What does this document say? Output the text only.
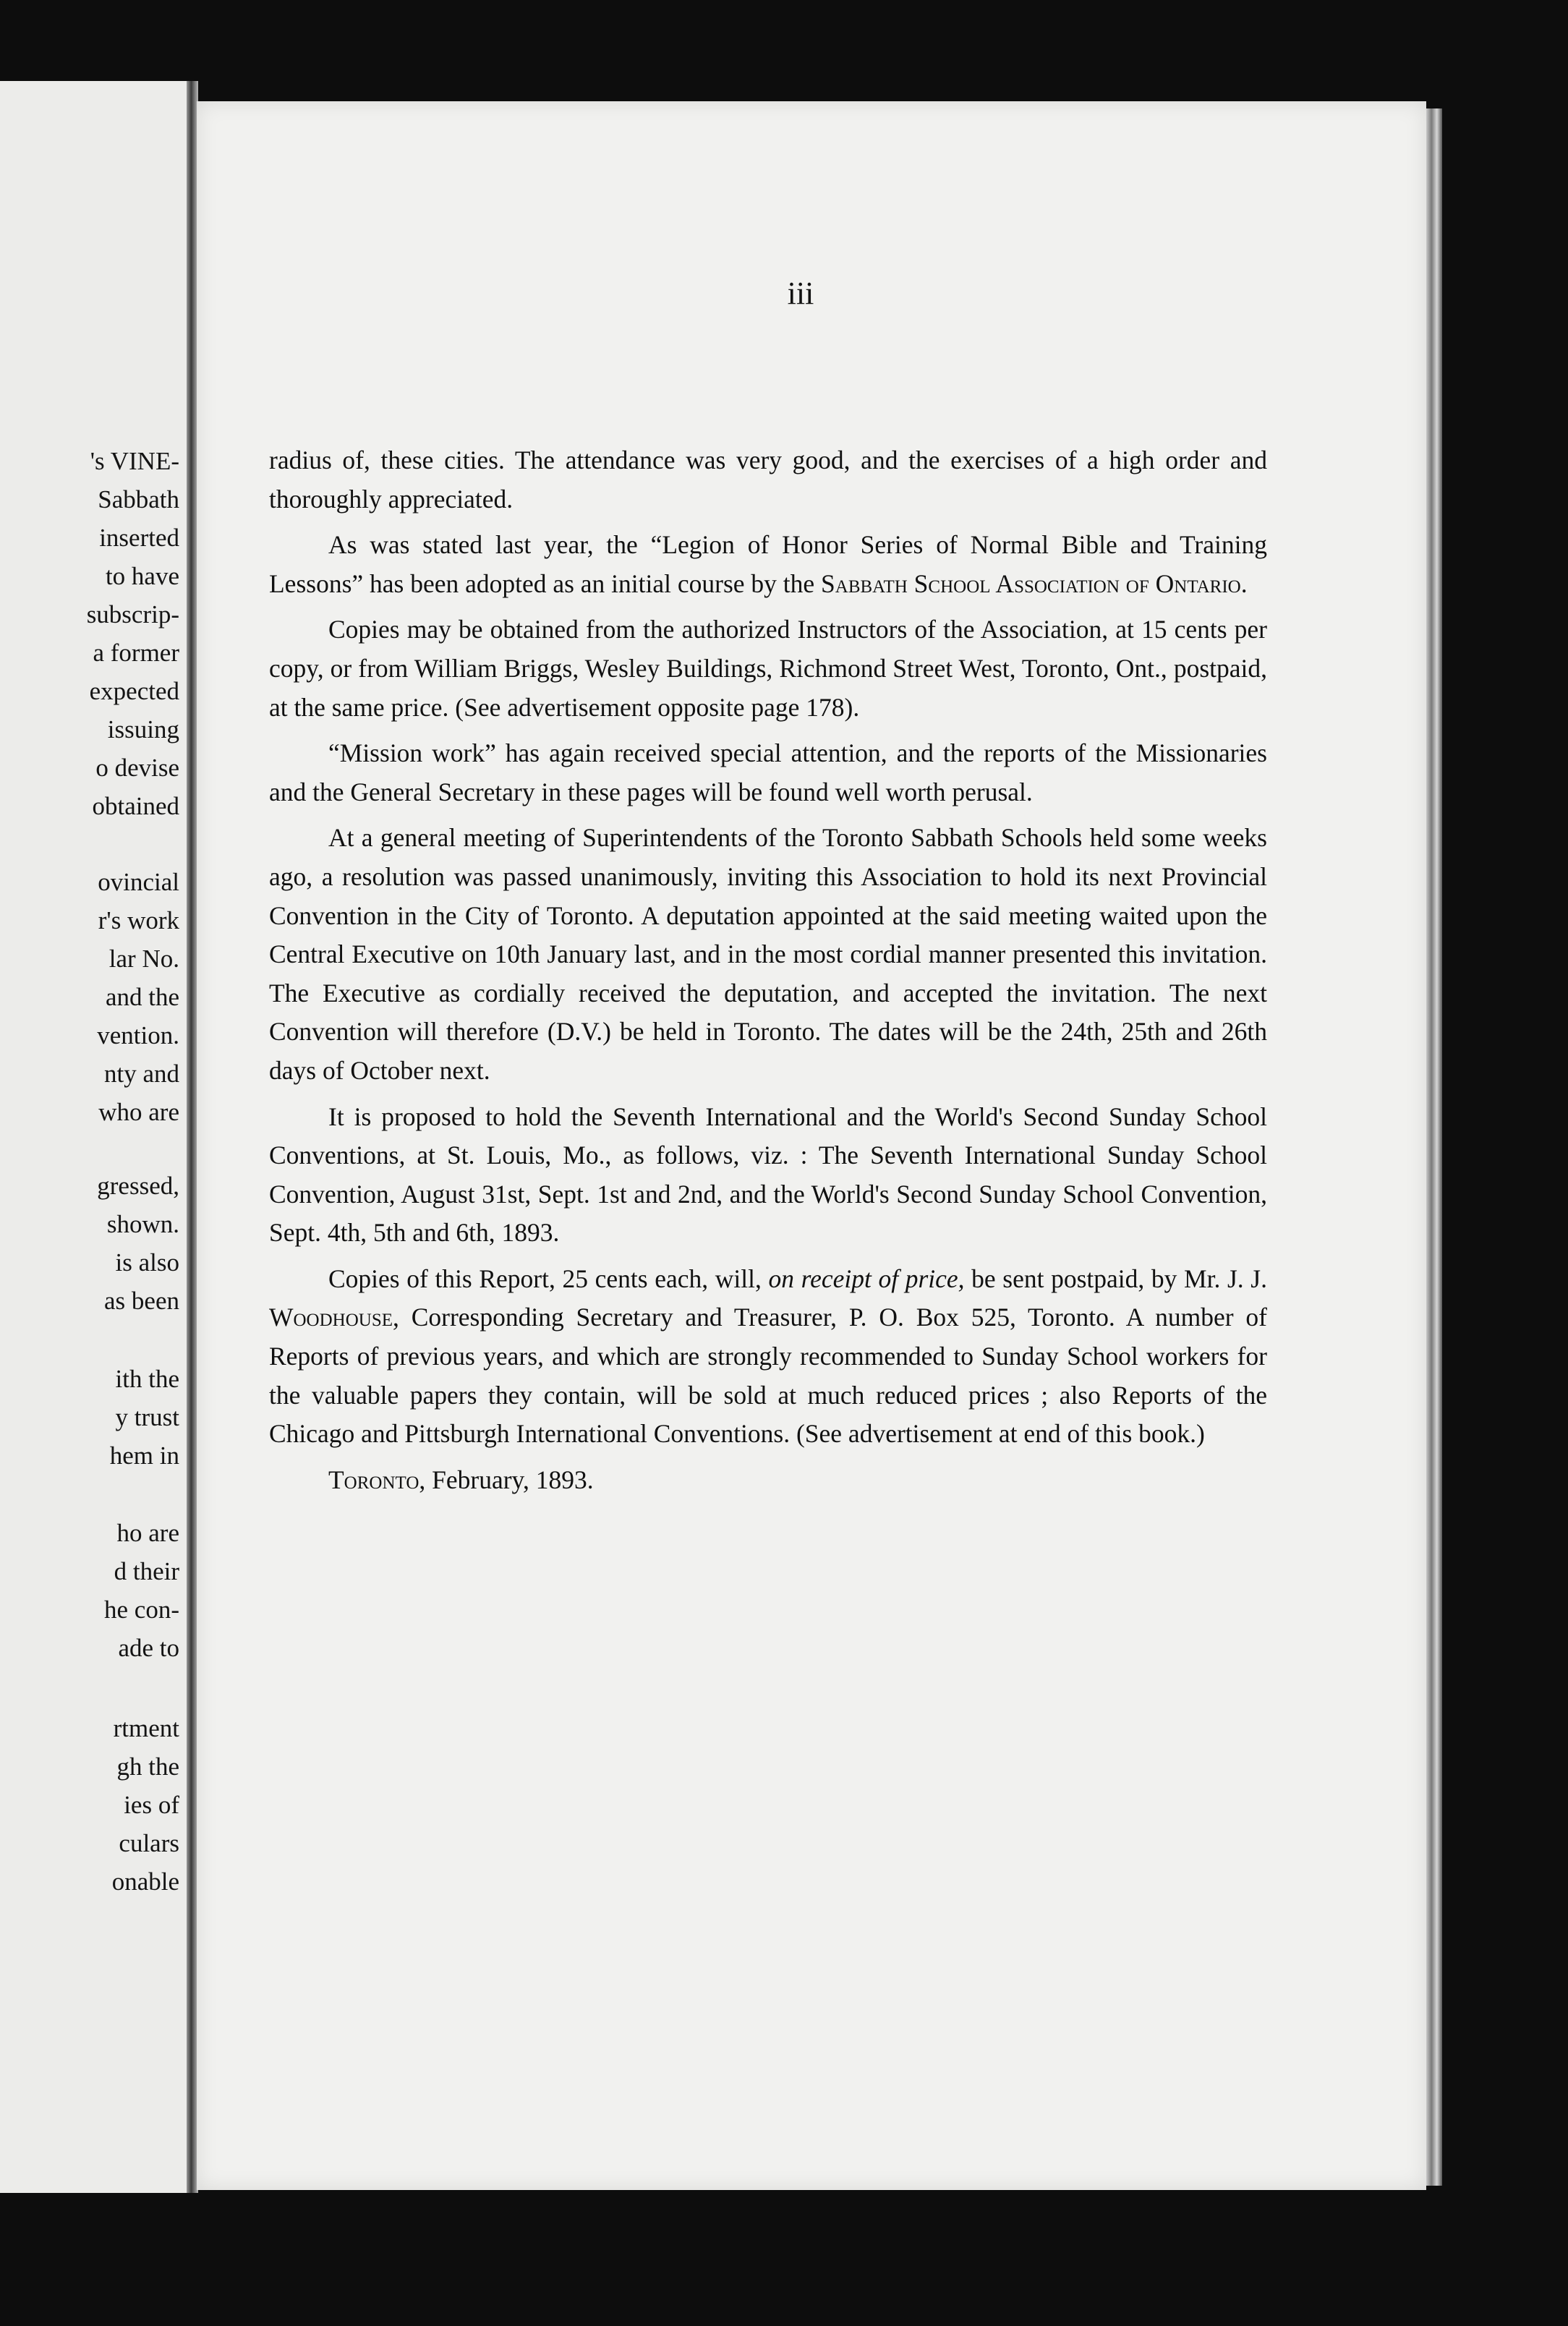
's VINE-
Sabbath
inserted
to have
subscrip-
a former
expected
issuing
o devise
obtained
ovincial
r's work
lar No.
and the
vention.
nty and
who are
gressed,
shown.
is also
as been
ith the
y trust
hem in
ho are
d their
he con-
ade to
rtment
gh the
ies of
culars
onable
iii

radius of, these cities. The attendance was very good, and the exercises of a high order and thoroughly appreciated.

As was stated last year, the “Legion of Honor Series of Normal Bible and Training Lessons” has been adopted as an initial course by the Sabbath School Association of Ontario.

Copies may be obtained from the authorized Instructors of the Association, at 15 cents per copy, or from William Briggs, Wesley Buildings, Richmond Street West, Toronto, Ont., postpaid, at the same price. (See advertisement opposite page 178).

“Mission work” has again received special attention, and the reports of the Missionaries and the General Secretary in these pages will be found well worth perusal.

At a general meeting of Superintendents of the Toronto Sabbath Schools held some weeks ago, a resolution was passed unanimously, inviting this Association to hold its next Provincial Convention in the City of Toronto. A deputation appointed at the said meeting waited upon the Central Executive on 10th January last, and in the most cordial manner presented this invitation. The Executive as cordially received the deputation, and accepted the invitation. The next Convention will therefore (D.V.) be held in Toronto. The dates will be the 24th, 25th and 26th days of October next.

It is proposed to hold the Seventh International and the World's Second Sunday School Conventions, at St. Louis, Mo., as follows, viz. : The Seventh International Sunday School Convention, August 31st, Sept. 1st and 2nd, and the World's Second Sunday School Convention, Sept. 4th, 5th and 6th, 1893.

Copies of this Report, 25 cents each, will, on receipt of price, be sent postpaid, by Mr. J. J. Woodhouse, Corresponding Secretary and Treasurer, P. O. Box 525, Toronto. A number of Reports of previous years, and which are strongly recommended to Sunday School workers for the valuable papers they contain, will be sold at much reduced prices ; also Reports of the Chicago and Pittsburgh International Conventions. (See advertisement at end of this book.)

Toronto, February, 1893.
